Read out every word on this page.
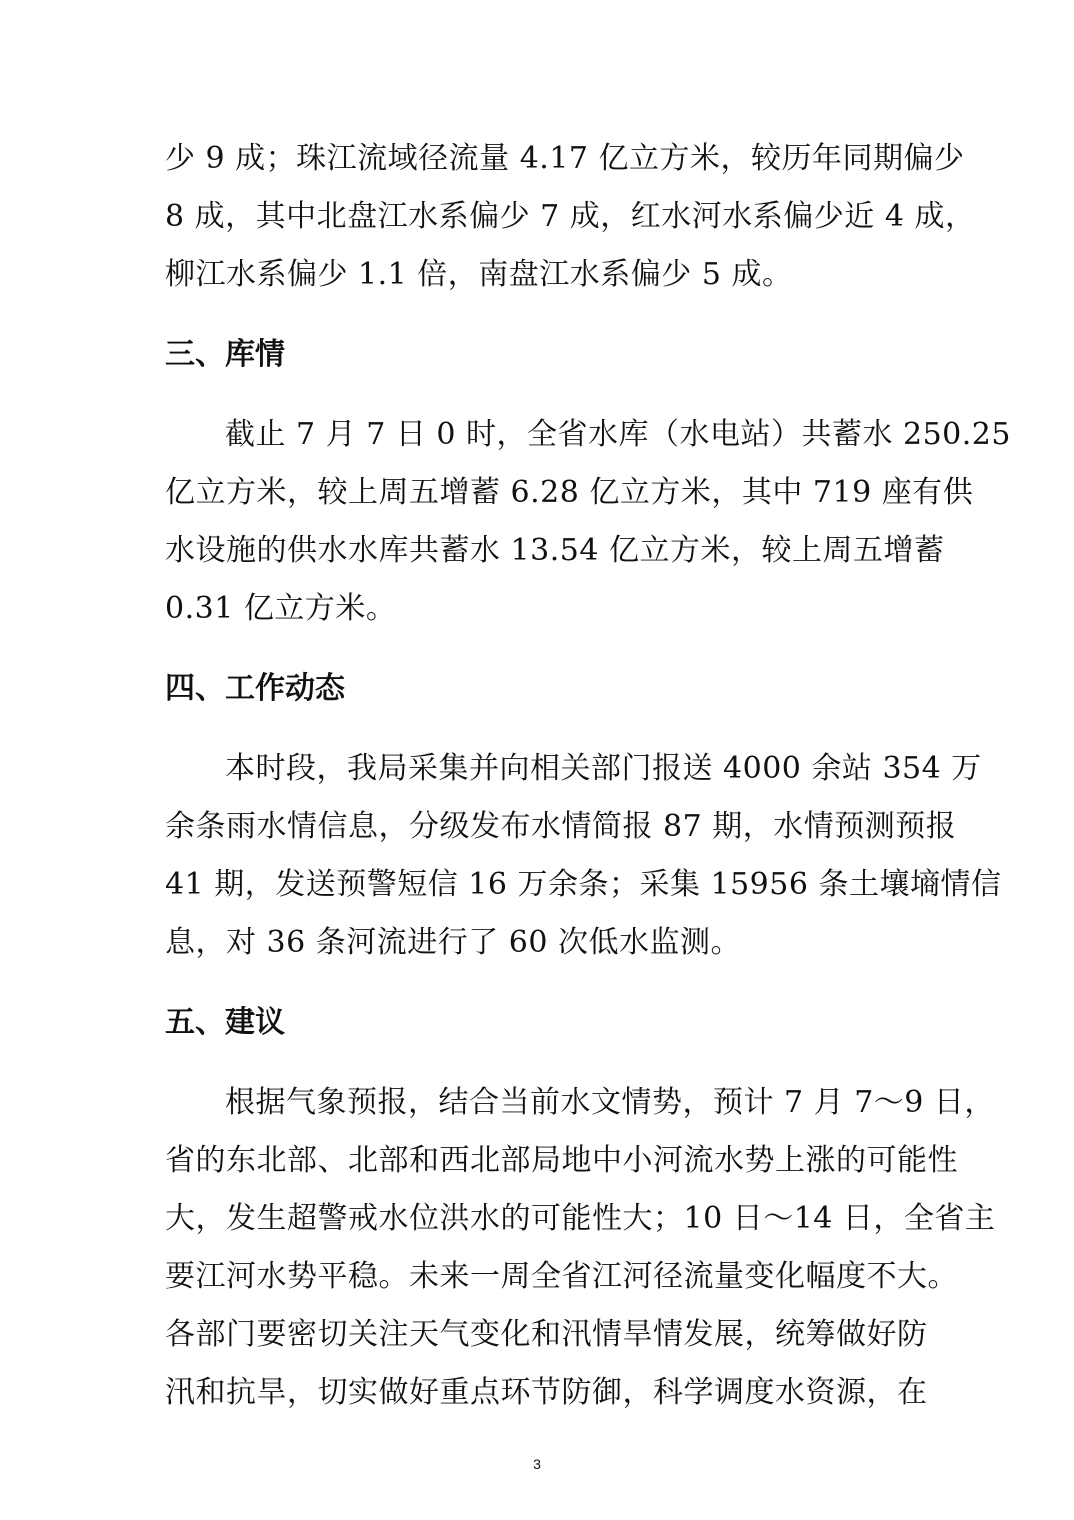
少 9 成；珠江流域径流量 4.17 亿立方米，较历年同期偏少
8 成，其中北盘江水系偏少 7 成，红水河水系偏少近 4 成，
柳江水系偏少 1.1 倍，南盘江水系偏少 5 成。
三、库情
截止 7 月 7 日 0 时，全省水库（水电站）共蓄水 250.25
亿立方米，较上周五增蓄 6.28 亿立方米，其中 719 座有供
水设施的供水水库共蓄水 13.54 亿立方米，较上周五增蓄
0.31 亿立方米。
四、工作动态
本时段，我局采集并向相关部门报送 4000 余站 354 万
余条雨水情信息，分级发布水情简报 87 期，水情预测预报
41 期，发送预警短信 16 万余条；采集 15956 条土壤墒情信
息，对 36 条河流进行了 60 次低水监测。
五、建议
根据气象预报，结合当前水文情势，预计 7 月 7～9 日，
省的东北部、北部和西北部局地中小河流水势上涨的可能性
大，发生超警戒水位洪水的可能性大；10 日～14 日，全省主
要江河水势平稳。未来一周全省江河径流量变化幅度不大。
各部门要密切关注天气变化和汛情旱情发展，统筹做好防
汛和抗旱，切实做好重点环节防御，科学调度水资源，在
3
